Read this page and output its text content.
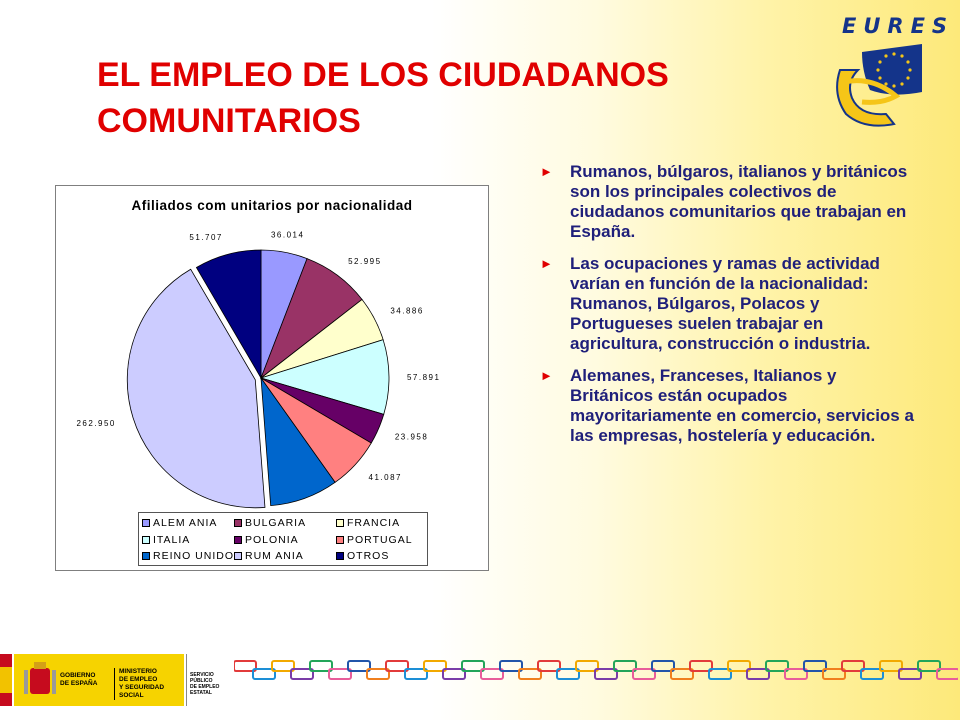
EL EMPLEO DE LOS CIUDADANOS
COMUNITARIOS
EURES
Afiliados com unitarios por nacionalidad
36.014
52.995
34.886
57.891
23.958
41.087
262.950
51.707
ALEM ANIA	BULGARIA	FRANCIA
ITALIA	POLONIA	PORTUGAL
REINO UNIDO RUM ANIA	OTROS
► Rumanos, búlgaros, italianos y británicos son los principales colectivos de ciudadanos comunitarios que trabajan en España.
► Las ocupaciones y ramas de actividad varían en función de la nacionalidad: Rumanos, Búlgaros, Polacos y Portugueses suelen trabajar en agricultura, construcción o industria.
► Alemanes, Franceses, Italianos y Británicos están ocupados mayoritariamente en comercio, servicios a las empresas, hostelería y educación.
GOBIERNO
DE ESPAÑA
MINISTERIO
DE EMPLEO
Y SEGURIDAD SOCIAL
SERVICIO PÚBLICO
DE EMPLEO ESTATAL
